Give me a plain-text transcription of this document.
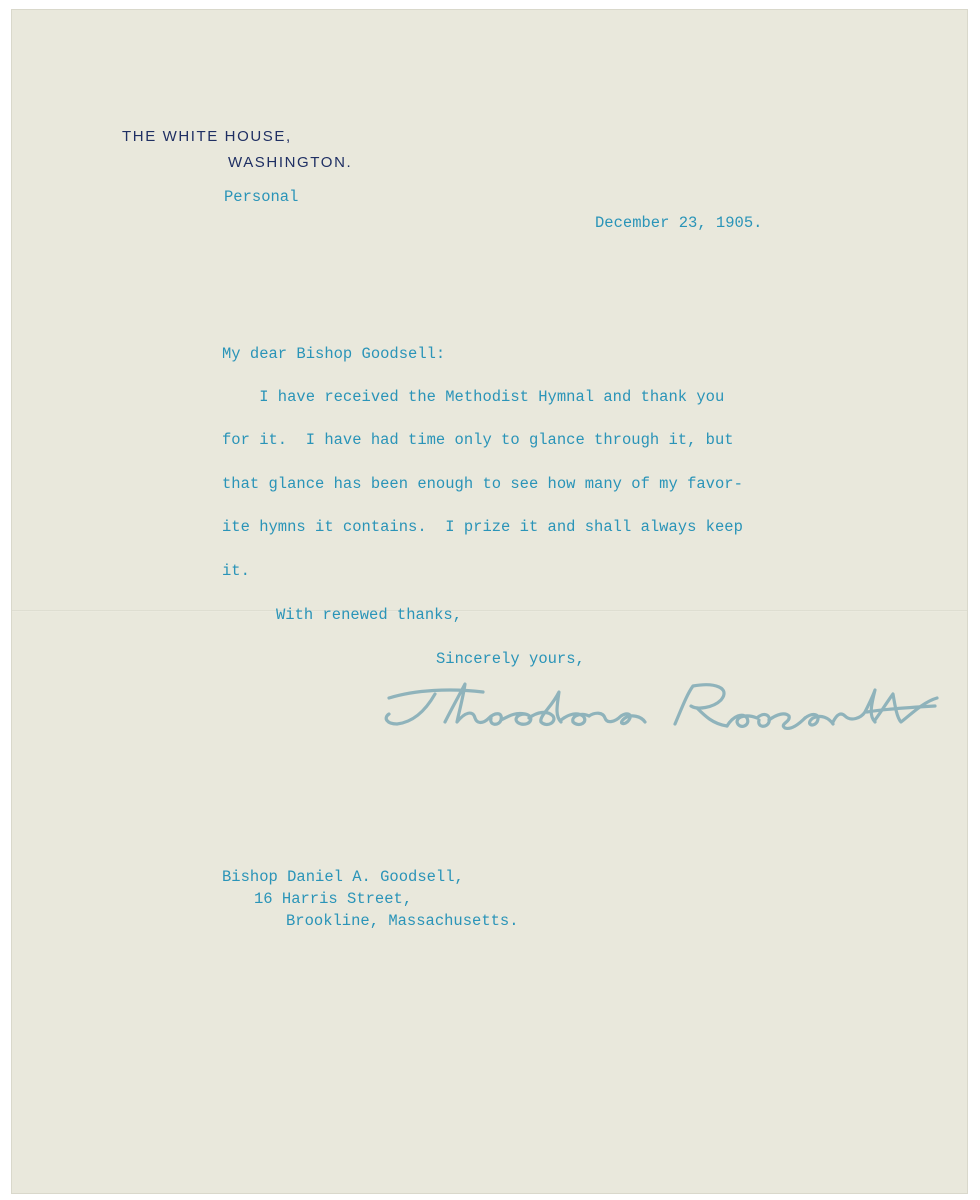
THE WHITE HOUSE,

WASHINGTON.

Personal

December 23, 1905.

My dear Bishop Goodsell:

I have received the Methodist Hymnal and thank you

for it.  I have had time only to glance through it, but

that glance has been enough to see how many of my favor-

ite hymns it contains.  I prize it and shall always keep

it.

With renewed thanks,

Sincerely yours,

Bishop Daniel A. Goodsell,

16 Harris Street,

Brookline, Massachusetts.
